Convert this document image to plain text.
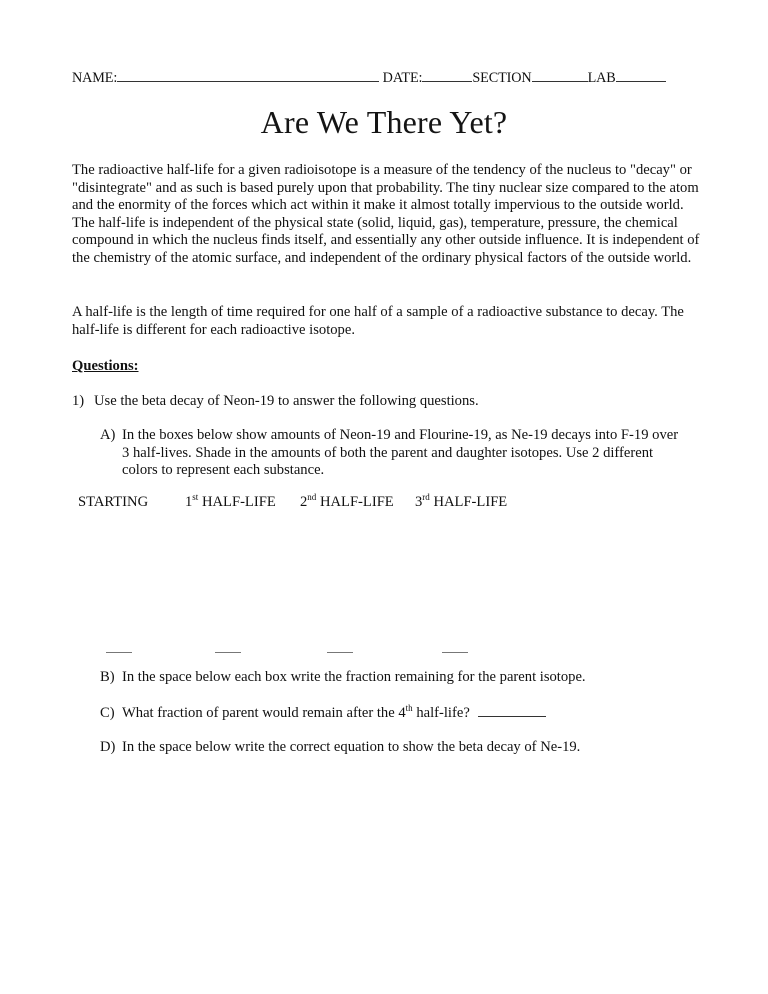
NAME:	DATE:	SECTION	LAB
Are We There Yet?
The radioactive half-life for a given radioisotope is a measure of the tendency of the nucleus to "decay" or "disintegrate" and as such is based purely upon that probability. The tiny nuclear size compared to the atom and the enormity of the forces which act within it make it almost totally impervious to the outside world. The half-life is independent of the physical state (solid, liquid, gas), temperature, pressure, the chemical compound in which the nucleus finds itself, and essentially any other outside influence. It is independent of the chemistry of the atomic surface, and independent of the ordinary physical factors of the outside world.
A half-life is the length of time required for one half of a sample of a radioactive substance to decay. The half-life is different for each radioactive isotope.
Questions:
1) Use the beta decay of Neon-19 to answer the following questions.
A) In the boxes below show amounts of Neon-19 and Flourine-19, as Ne-19 decays into F-19 over
3 half-lives. Shade in the amounts of both the parent and daughter isotopes. Use 2 different
colors to represent each substance.
STARTING	1st HALF-LIFE 2nd HALF-LIFE 3rd HALF-LIFE
B) In the space below each box write the fraction remaining for the parent isotope.
C) What fraction of parent would remain after the 4th half-life?
D) In the space below write the correct equation to show the beta decay of Ne-19.
